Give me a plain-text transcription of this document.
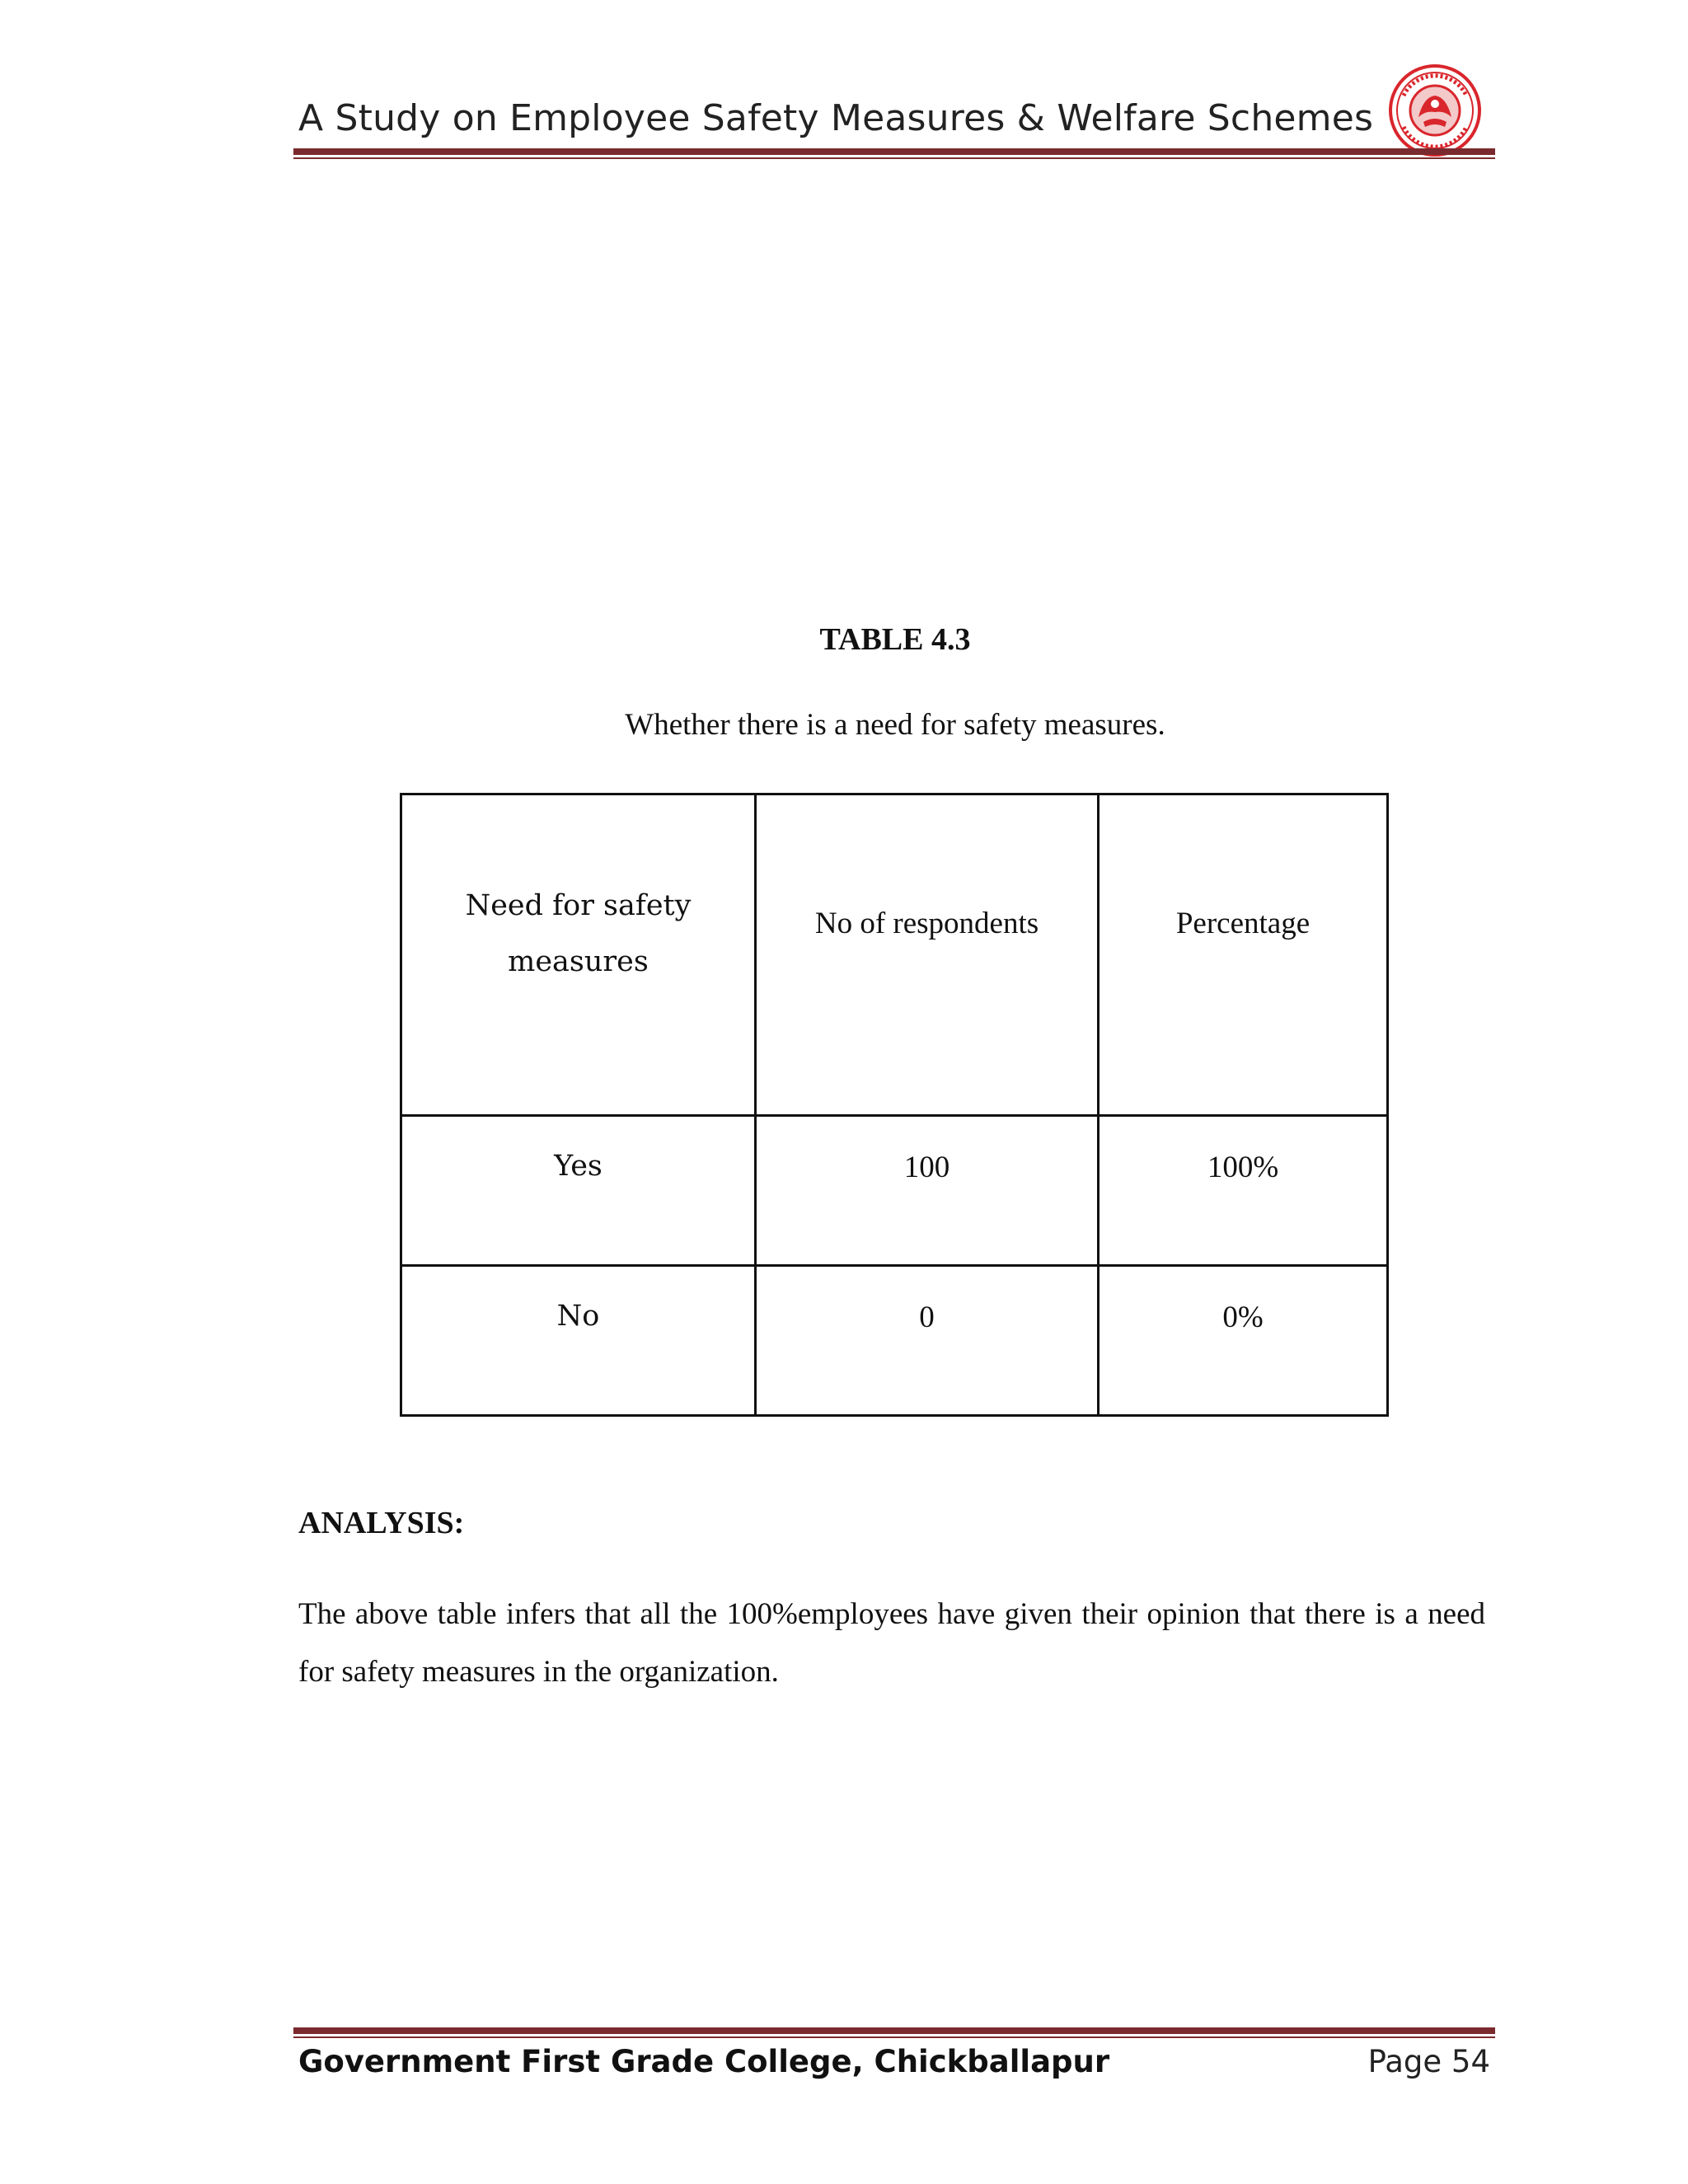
A Study on Employee Safety Measures & Welfare Schemes
TABLE 4.3
Whether there is a need for safety measures.
Need for safety
measures	No of respondents	Percentage
Yes	100	100%
No	0	0%
ANALYSIS:
The above table infers that all the 100%employees have given their opinion that there is a need for safety measures in the organization.
Government First Grade College, Chickballapur	Page 54
